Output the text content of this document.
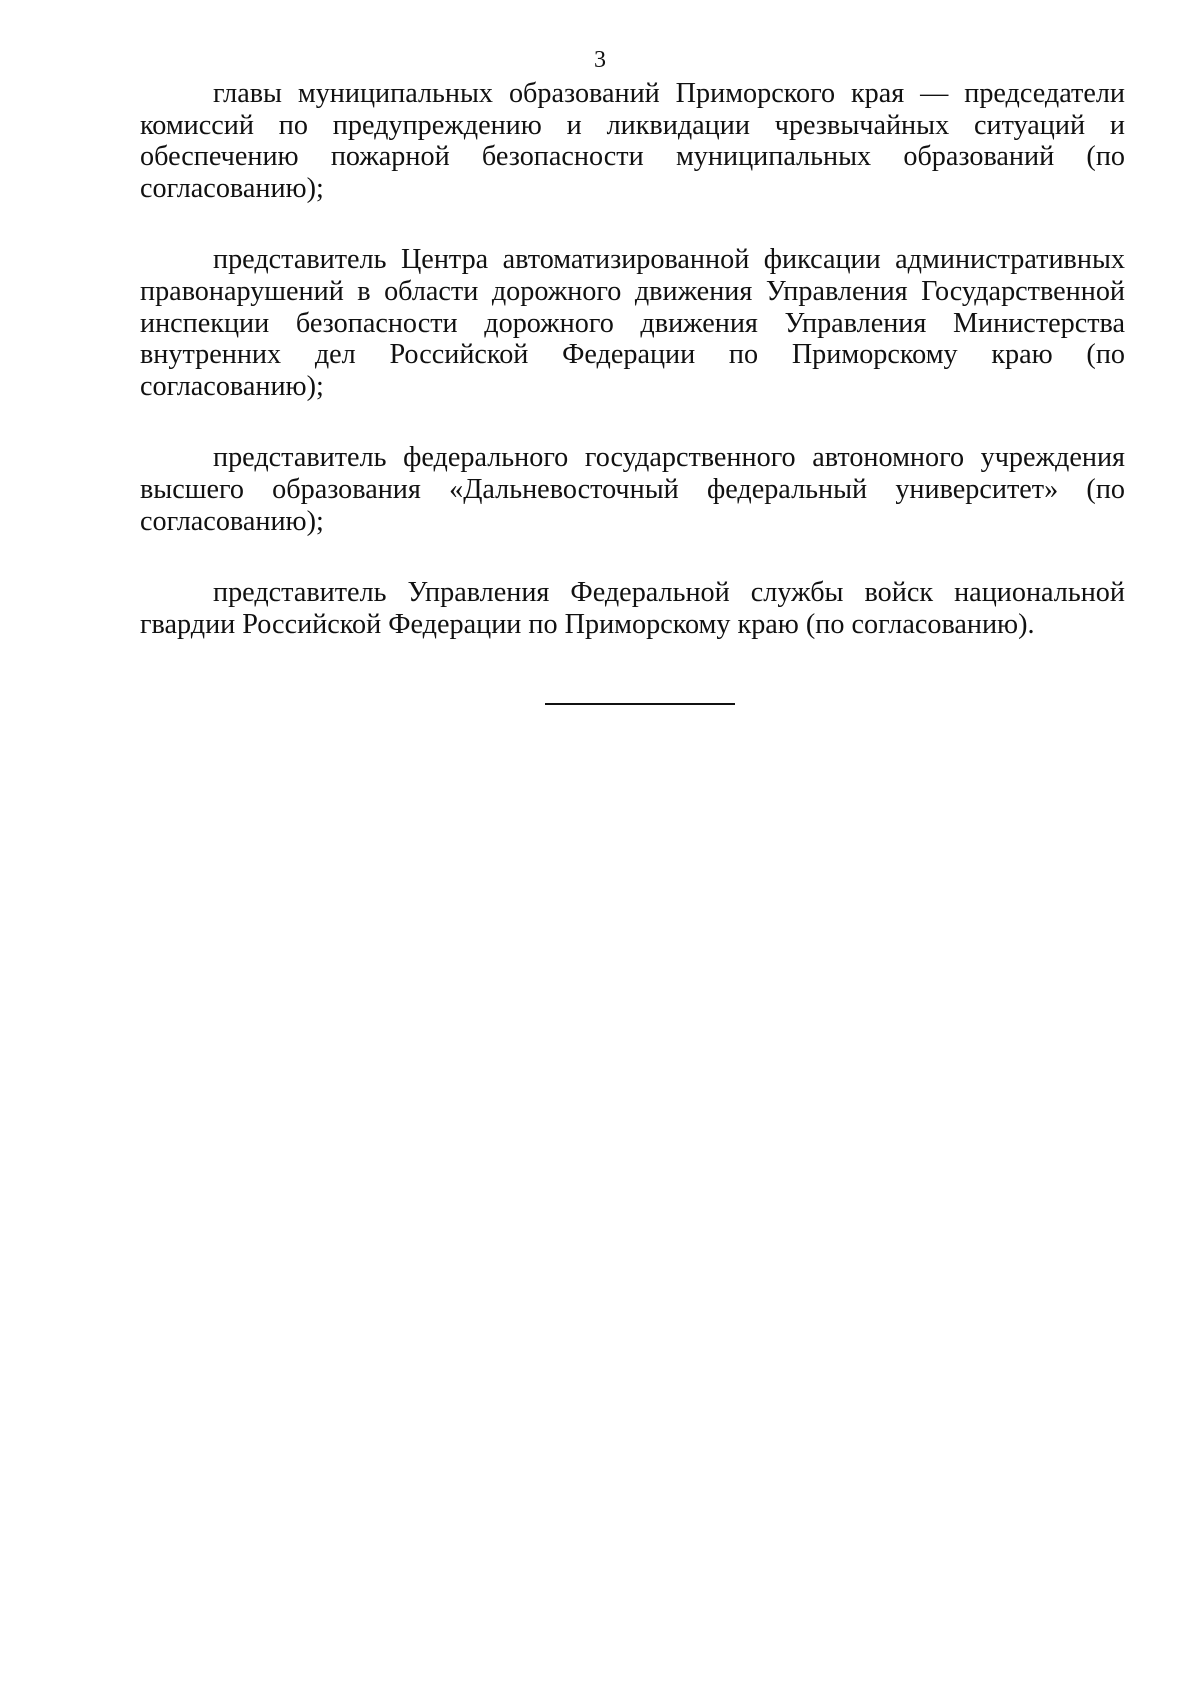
3

главы муниципальных образований Приморского края — председатели комиссий по предупреждению и ликвидации чрезвычайных ситуаций и обеспечению пожарной безопасности муниципальных образований (по согласованию);

представитель Центра автоматизированной фиксации административных правонарушений в области дорожного движения Управления Государственной инспекции безопасности дорожного движения Управления Министерства внутренних дел Российской Федерации по Приморскому краю (по согласованию);

представитель федерального государственного автономного учреждения высшего образования «Дальневосточный федеральный университет» (по согласованию);

представитель Управления Федеральной службы войск национальной гвардии Российской Федерации по Приморскому краю (по согласованию).
